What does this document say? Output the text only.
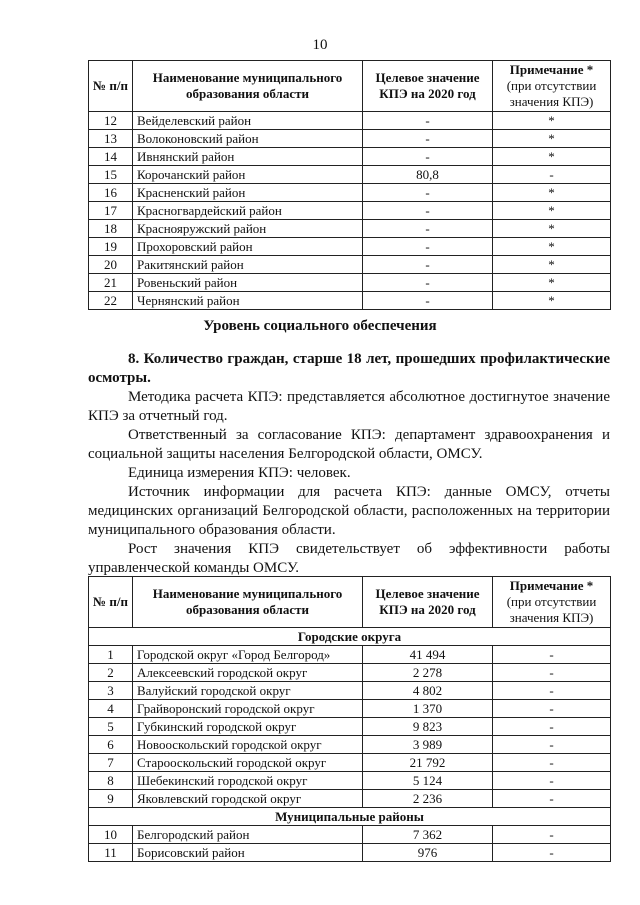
10
№ п/п	Наименование муниципального образования области	Целевое значение КПЭ на 2020 год	Примечание *
(при отсутствии значения КПЭ)
12	Вейделевский район	-	*
13	Волоконовский район	-	*
14	Ивнянский район	-	*
15	Корочанский район	80,8	-
16	Красненский район	-	*
17	Красногвардейский район	-	*
18	Краснояружский район	-	*
19	Прохоровский район	-	*
20	Ракитянский район	-	*
21	Ровеньский район	-	*
22	Чернянский район	-	*
Уровень социального обеспечения

8. Количество граждан, старше 18 лет, прошедших профилактические осмотры.

Методика расчета КПЭ: представляется абсолютное достигнутое значение КПЭ за отчетный год.

Ответственный за согласование КПЭ: департамент здравоохранения и социальной защиты населения Белгородской области, ОМСУ.

Единица измерения КПЭ: человек.

Источник информации для расчета КПЭ: данные ОМСУ, отчеты медицинских организаций Белгородской области, расположенных на территории муниципального образования области.

Рост значения КПЭ свидетельствует об эффективности работы управленческой команды ОМСУ.

№ п/п	Наименование муниципального образования области	Целевое значение КПЭ на 2020 год	Примечание *
(при отсутствии значения КПЭ)
Городские округа			
1	Городской округ «Город Белгород»	41 494	-
2	Алексеевский городской округ	2 278	-
3	Валуйский городской округ	4 802	-
4	Грайворонский городской округ	1 370	-
5	Губкинский городской округ	9 823	-
6	Новооскольский городской округ	3 989	-
7	Старооскольский городской округ	21 792	-
8	Шебекинский городской округ	5 124	-
9	Яковлевский городской округ	2 236	-
Муниципальные районы			
10	Белгородский район	7 362	-
11	Борисовский район	976	-
